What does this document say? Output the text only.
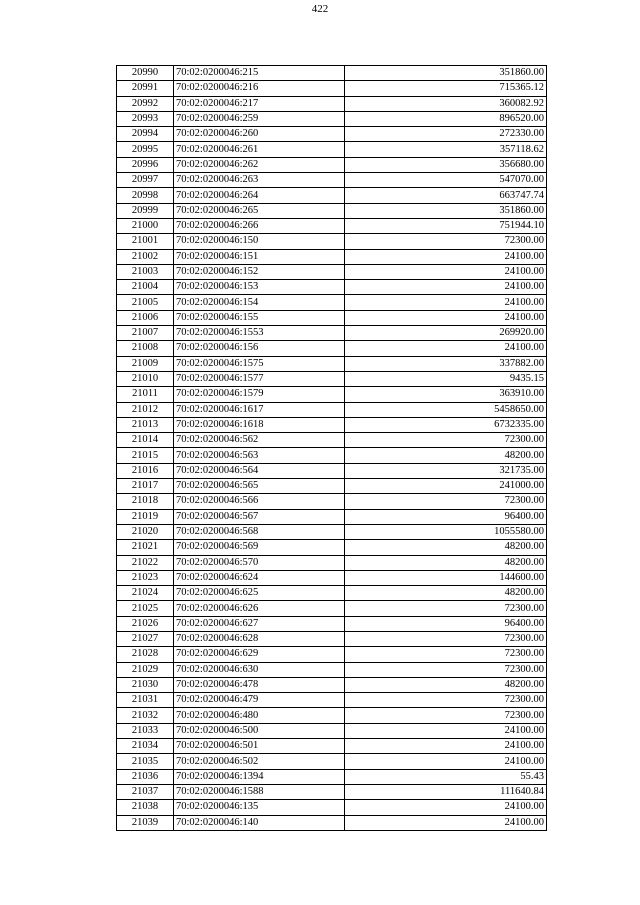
422
20990	70:02:0200046:215	351860.00
20991	70:02:0200046:216	715365.12
20992	70:02:0200046:217	360082.92
20993	70:02:0200046:259	896520.00
20994	70:02:0200046:260	272330.00
20995	70:02:0200046:261	357118.62
20996	70:02:0200046:262	356680.00
20997	70:02:0200046:263	547070.00
20998	70:02:0200046:264	663747.74
20999	70:02:0200046:265	351860.00
21000	70:02:0200046:266	751944.10
21001	70:02:0200046:150	72300.00
21002	70:02:0200046:151	24100.00
21003	70:02:0200046:152	24100.00
21004	70:02:0200046:153	24100.00
21005	70:02:0200046:154	24100.00
21006	70:02:0200046:155	24100.00
21007	70:02:0200046:1553	269920.00
21008	70:02:0200046:156	24100.00
21009	70:02:0200046:1575	337882.00
21010	70:02:0200046:1577	9435.15
21011	70:02:0200046:1579	363910.00
21012	70:02:0200046:1617	5458650.00
21013	70:02:0200046:1618	6732335.00
21014	70:02:0200046:562	72300.00
21015	70:02:0200046:563	48200.00
21016	70:02:0200046:564	321735.00
21017	70:02:0200046:565	241000.00
21018	70:02:0200046:566	72300.00
21019	70:02:0200046:567	96400.00
21020	70:02:0200046:568	1055580.00
21021	70:02:0200046:569	48200.00
21022	70:02:0200046:570	48200.00
21023	70:02:0200046:624	144600.00
21024	70:02:0200046:625	48200.00
21025	70:02:0200046:626	72300.00
21026	70:02:0200046:627	96400.00
21027	70:02:0200046:628	72300.00
21028	70:02:0200046:629	72300.00
21029	70:02:0200046:630	72300.00
21030	70:02:0200046:478	48200.00
21031	70:02:0200046:479	72300.00
21032	70:02:0200046:480	72300.00
21033	70:02:0200046:500	24100.00
21034	70:02:0200046:501	24100.00
21035	70:02:0200046:502	24100.00
21036	70:02:0200046:1394	55.43
21037	70:02:0200046:1588	111640.84
21038	70:02:0200046:135	24100.00
21039	70:02:0200046:140	24100.00
